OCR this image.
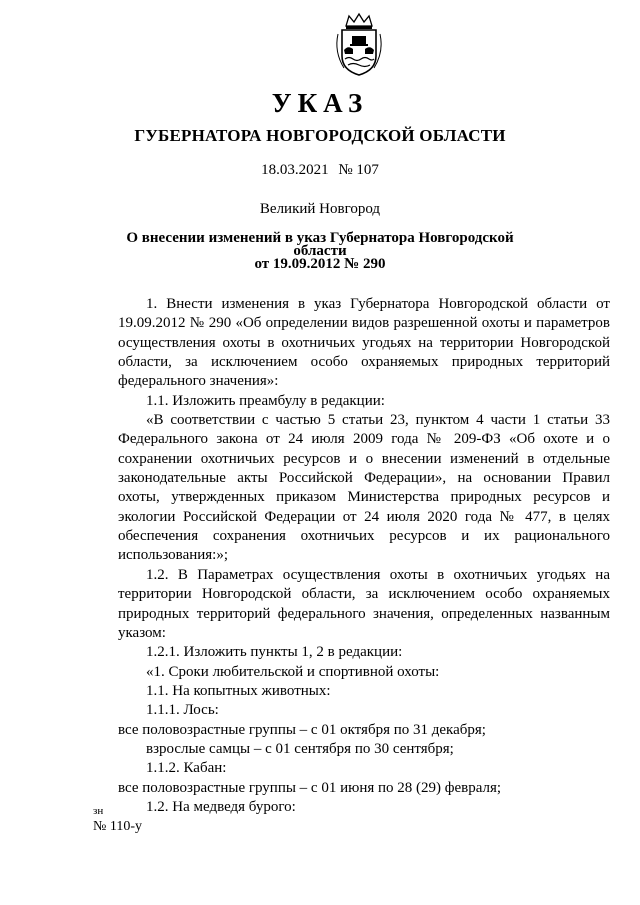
УКАЗ
ГУБЕРНАТОРА НОВГОРОДСКОЙ ОБЛАСТИ
18.03.2021 № 107
Великий Новгород
О внесении изменений в указ Губернатора Новгородской области
от 19.09.2012 № 290

1. Внести изменения в указ Губернатора Новгородской области от 19.09.2012 № 290 «Об определении видов разрешенной охоты и параметров осуществления охоты в охотничьих угодьях на территории Новгородской области, за исключением особо охраняемых природных территорий федерального значения»:

1.1. Изложить преамбулу в редакции:

«В соответствии с частью 5 статьи 23, пунктом 4 части 1 статьи 33 Федерального закона от 24 июля 2009 года № 209-ФЗ «Об охоте и о сохранении охотничьих ресурсов и о внесении изменений в отдельные законодательные акты Российской Федерации», на основании Правил охоты, утвержденных приказом Министерства природных ресурсов и экологии Российской Федерации от 24 июля 2020 года № 477, в целях обеспечения сохранения охотничьих ресурсов и их рационального использования:»;

1.2. В Параметрах осуществления охоты в охотничьих угодьях на территории Новгородской области, за исключением особо охраняемых природных территорий федерального значения, определенных названным указом:

1.2.1. Изложить пункты 1, 2 в редакции:

«1. Сроки любительской и спортивной охоты:

1.1. На копытных животных:

1.1.1. Лось:

все половозрастные группы – с 01 октября по 31 декабря;

взрослые самцы – с 01 сентября по 30 сентября;

1.1.2. Кабан:

все половозрастные группы – с 01 июня по 28 (29) февраля;

1.2. На медведя бурого:

зн
№ 110-у
